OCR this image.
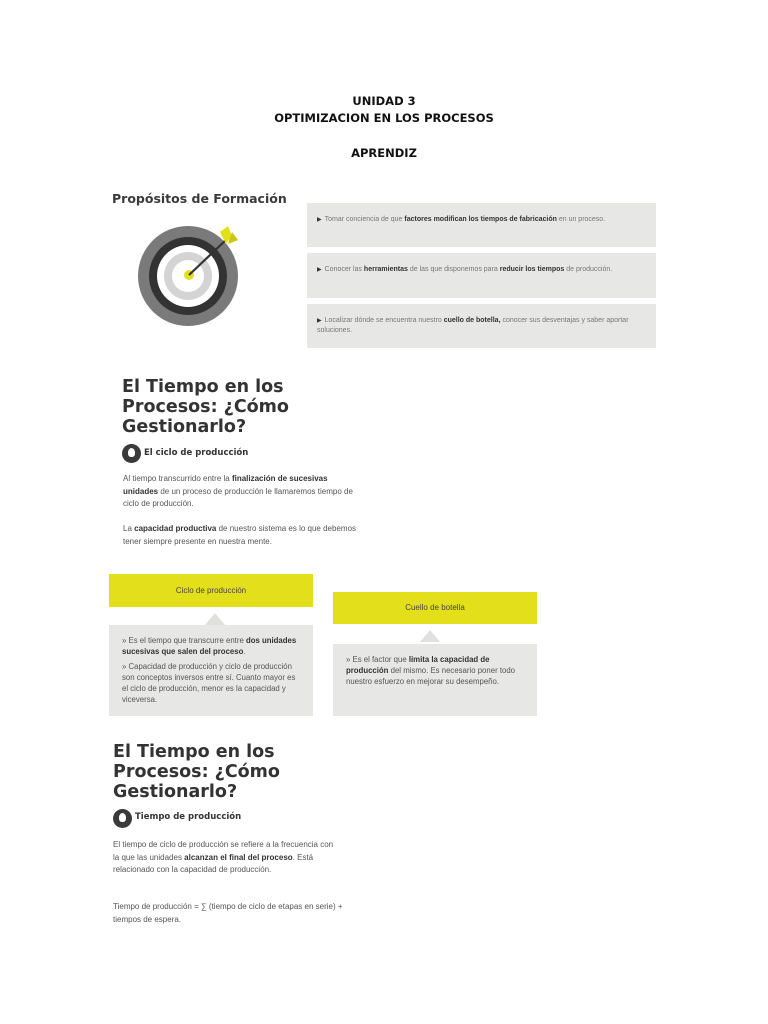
UNIDAD 3
OPTIMIZACION EN LOS PROCESOS
APRENDIZ
Propósitos de Formación
▶ Tomar conciencia de que factores modifican los tiempos de fabricación en un proceso.
▶ Conocer las herramientas de las que disponemos para reducir los tiempos de producción.
▶ Localizar dónde se encuentra nuestro cuello de botella, conocer sus desventajas y saber aportar soluciones.
El Tiempo en los
Procesos: ¿Cómo
Gestionarlo?
El ciclo de producción
Al tiempo transcurrido entre la finalización de sucesivas unidades de un proceso de producción le llamaremos tiempo de ciclo de producción.
La capacidad productiva de nuestro sistema es lo que debemos tener siempre presente en nuestra mente.
Ciclo de producción
» Es el tiempo que transcurre entre dos unidades sucesivas que salen del proceso.
» Capacidad de producción y ciclo de producción son conceptos inversos entre sí. Cuanto mayor es el ciclo de producción, menor es la capacidad y viceversa.
Cuello de botella
» Es el factor que limita la capacidad de producción del mismo. Es necesario poner todo nuestro esfuerzo en mejorar su desempeño.
El Tiempo en los
Procesos: ¿Cómo
Gestionarlo?
Tiempo de producción
El tiempo de ciclo de producción se refiere a la frecuencia con la que las unidades alcanzan el final del proceso. Está relacionado con la capacidad de producción.
Tiempo de producción = ∑ (tiempo de ciclo de etapas en serie) + tiempos de espera.
